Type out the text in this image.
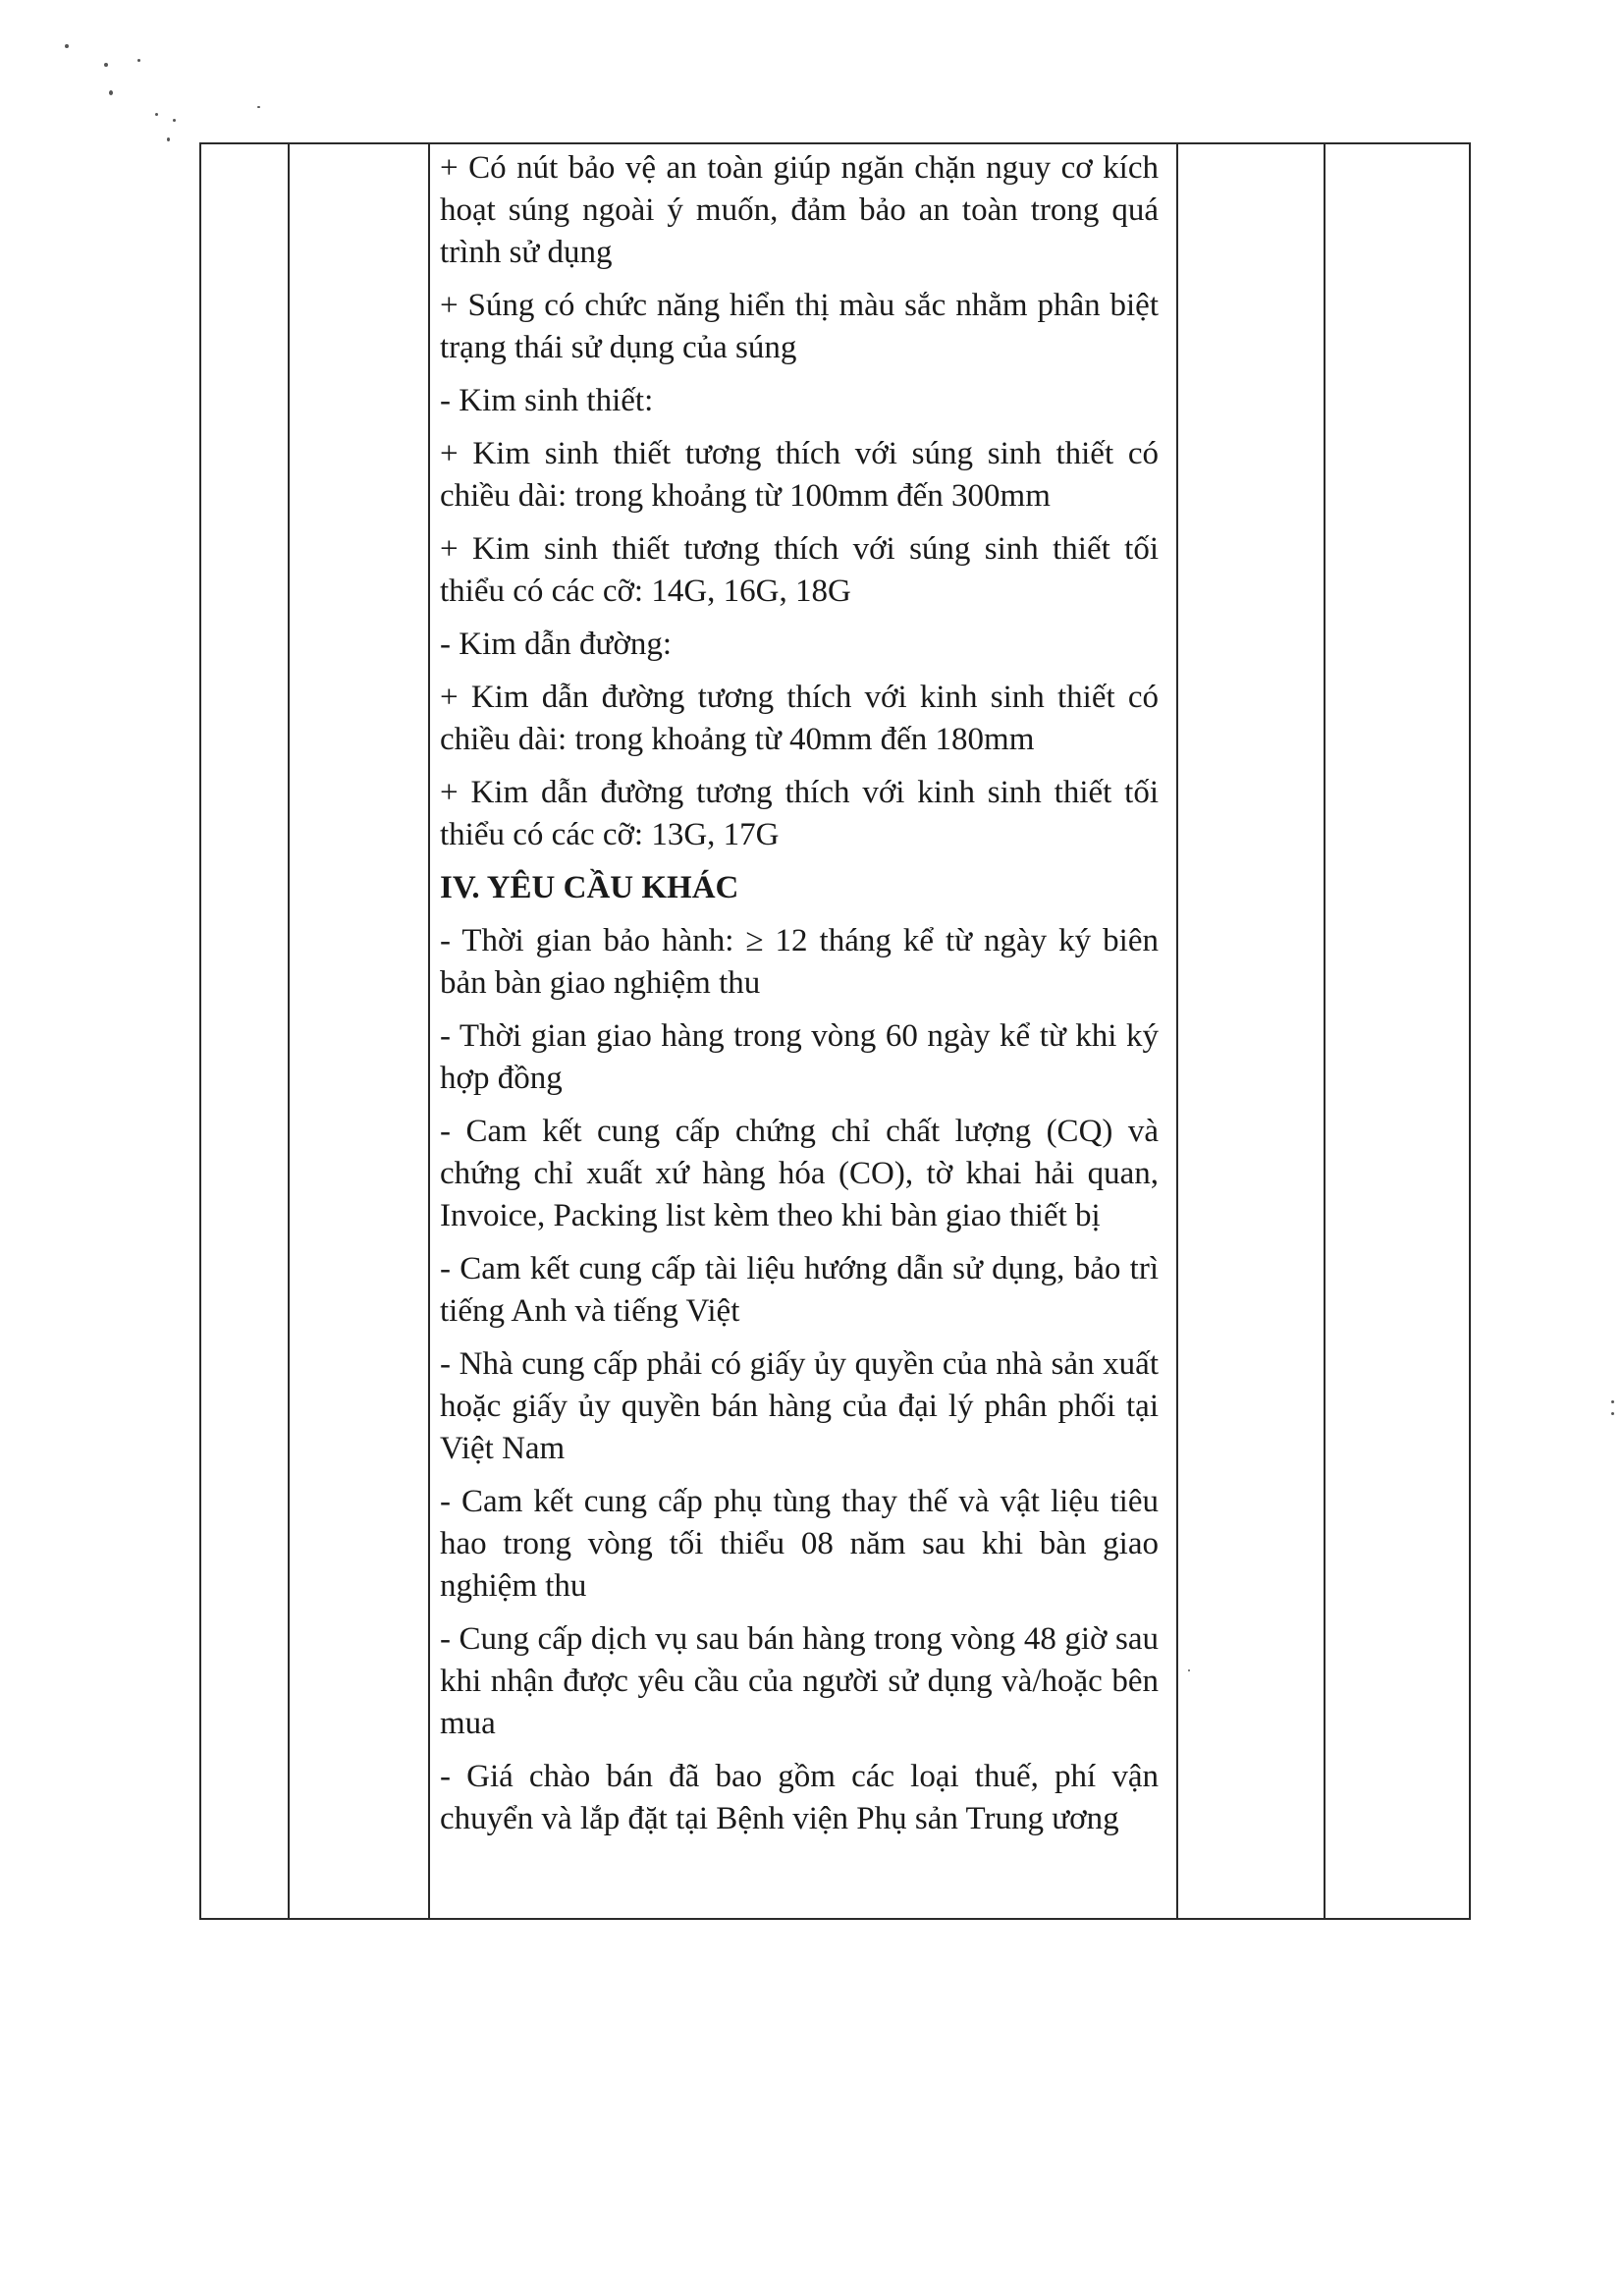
+ Có nút bảo vệ an toàn giúp ngăn chặn nguy cơ kích hoạt súng ngoài ý muốn, đảm bảo an toàn trong quá trình sử dụng

+ Súng có chức năng hiển thị màu sắc nhằm phân biệt trạng thái sử dụng của súng

- Kim sinh thiết:

+ Kim sinh thiết tương thích với súng sinh thiết có chiều dài: trong khoảng từ 100mm đến 300mm

+ Kim sinh thiết tương thích với súng sinh thiết tối thiểu có các cỡ: 14G, 16G, 18G

- Kim dẫn đường:

+ Kim dẫn đường tương thích với kinh sinh thiết có chiều dài: trong khoảng từ 40mm đến 180mm

+ Kim dẫn đường tương thích với kinh sinh thiết tối thiểu có các cỡ: 13G, 17G

IV. YÊU CẦU KHÁC

- Thời gian bảo hành: ≥ 12 tháng kể từ ngày ký biên bản bàn giao nghiệm thu

- Thời gian giao hàng trong vòng 60 ngày kể từ khi ký hợp đồng

- Cam kết cung cấp chứng chỉ chất lượng (CQ) và chứng chỉ xuất xứ hàng hóa (CO), tờ khai hải quan, Invoice, Packing list kèm theo khi bàn giao thiết bị

- Cam kết cung cấp tài liệu hướng dẫn sử dụng, bảo trì tiếng Anh và tiếng Việt

- Nhà cung cấp phải có giấy ủy quyền của nhà sản xuất hoặc giấy ủy quyền bán hàng của đại lý phân phối tại Việt Nam

- Cam kết cung cấp phụ tùng thay thế và vật liệu tiêu hao trong vòng tối thiểu 08 năm sau khi bàn giao nghiệm thu

- Cung cấp dịch vụ sau bán hàng trong vòng 48 giờ sau khi nhận được yêu cầu của người sử dụng và/hoặc bên mua

- Giá chào bán đã bao gồm các loại thuế, phí vận chuyển và lắp đặt tại Bệnh viện Phụ sản Trung ương
